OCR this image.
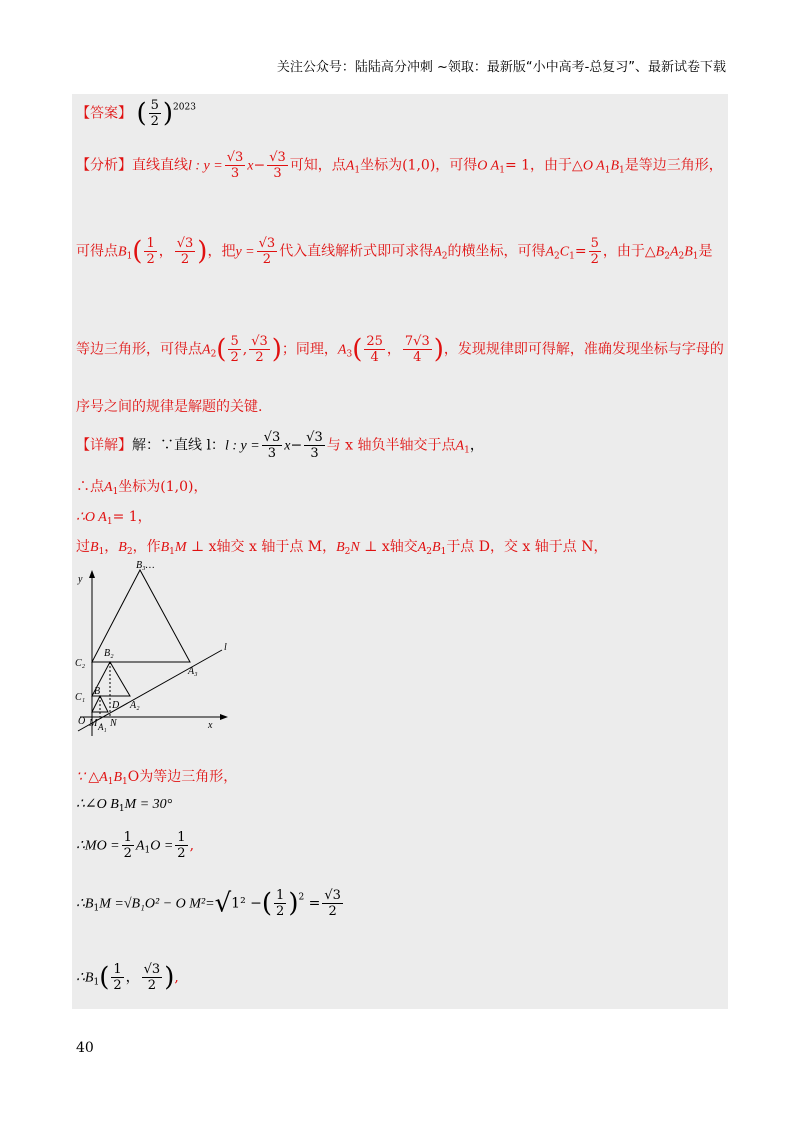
关注公众号：陆陆高分冲刺 ~领取：最新版“小中高考-总复习”、最新试卷下载
【答案】 ( $\frac{5}{2} )^{2023}$
【分析】直线直线l : $y = \frac{√3}{3} x- \frac{√3}{3}$ 可知，点$A_1$坐标为(1,0)，可得O $A_1= 1$，由于△O $A_1B_1$是等边三角形，
可得点$B_1( \frac{1}{2}$ ， $\frac{√3}{2}$ )，把$y = \frac{√3}{2}$ 代入直线解析式即可求得$A_2$的横坐标，可得$A_2C_1= \frac{5}{2}$ ，由于$\triangle B_2A_2B_1$是
等边三角形，可得点$A_2( \frac{5}{2}$ , $\frac{√3}{2}$ )；同理，$A_3( \frac{25}{4}$ ， $\frac{7√3}{4}$ )，发现规律即可得解，准确发现坐标与字母的
序号之间的规律是解题的关键.
【详解】解：∵直线 l：l : $y = \frac{√3}{3} x- \frac{√3}{3}$ 与 x 轴负半轴交于点$A_1$，
∴点$A_1$坐标为(1,0)，
∴O $A_1= 1$，
过$B_1$，$B_2$，作$B_1M$ ⊥ x轴交 x 轴于点 M，$B_2N$ ⊥ x轴交$A_2B_1$于点 D，交 x 轴于点 N，
B₃…
y
l
C₂
B₂
A₃
C₁
B
D A₂
O M A₁ N	x
∵ $\triangle A_1B_1O$为等边三角形，
∴∠O $B_1M = 30^\circ$
∴MO = $\frac{1}{2} A_1O = \frac{1}{2}$ ,
$\therefore B_1M =√B_1O^2 - O$ M²=√1² −( $\frac{1}{2} )^2 = \frac{√3}{2}$
$\therefore B_1( \frac{1}{2}$ ， $\frac{√3}{2}$ ),
40
